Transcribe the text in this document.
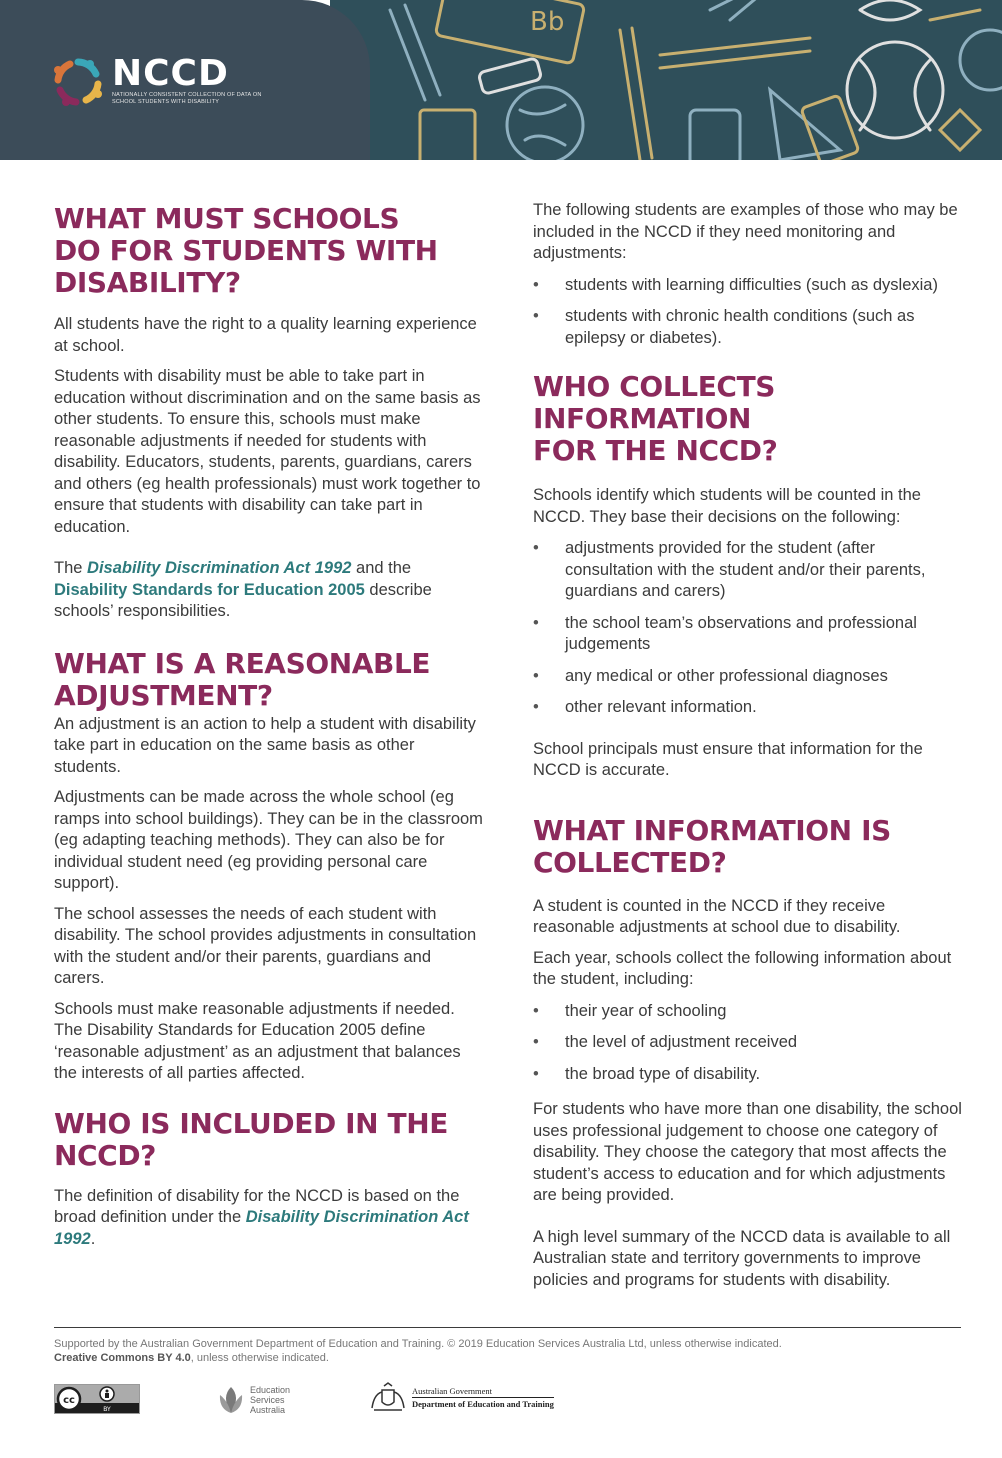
Bb
NCCD
NATIONALLY CONSISTENT COLLECTION OF DATA ON SCHOOL STUDENTS WITH DISABILITY
WHAT MUST SCHOOLS
DO FOR STUDENTS WITH
DISABILITY?

All students have the right to a quality learning experience at school.

Students with disability must be able to take part in education without discrimination and on the same basis as other students. To ensure this, schools must make reasonable adjustments if needed for students with disability. Educators, students, parents, guardians, carers and others (eg health professionals) must work together to ensure that students with disability can take part in education.

The Disability Discrimination Act 1992 and the Disability Standards for Education 2005 describe schools’ responsibilities.

WHAT IS A REASONABLE
ADJUSTMENT?

An adjustment is an action to help a student with disability take part in education on the same basis as other students.

Adjustments can be made across the whole school (eg ramps into school buildings). They can be in the classroom (eg adapting teaching methods). They can also be for individual student need (eg providing personal care support).

The school assesses the needs of each student with disability. The school provides adjustments in consultation with the student and/or their parents, guardians and carers.

Schools must make reasonable adjustments if needed. The Disability Standards for Education 2005 define ‘reasonable adjustment’ as an adjustment that balances the interests of all parties affected.

WHO IS INCLUDED IN THE
NCCD?

The definition of disability for the NCCD is based on the broad definition under the Disability Discrimination Act 1992.

The following students are examples of those who may be included in the NCCD if they need monitoring and adjustments:

• students with learning difficulties (such as dyslexia)
• students with chronic health conditions (such as epilepsy or diabetes).
WHO COLLECTS INFORMATION
FOR THE NCCD?

Schools identify which students will be counted in the NCCD. They base their decisions on the following:

• adjustments provided for the student (after consultation with the student and/or their parents, guardians and carers)
• the school team’s observations and professional judgements
• any medical or other professional diagnoses
• other relevant information.

School principals must ensure that information for the NCCD is accurate.

WHAT INFORMATION IS
COLLECTED?

A student is counted in the NCCD if they receive reasonable adjustments at school due to disability.

Each year, schools collect the following information about the student, including:

• their year of schooling
• the level of adjustment received
• the broad type of disability.

For students who have more than one disability, the school uses professional judgement to choose one category of disability. They choose the category that most affects the student’s access to education and for which adjustments are being provided.

A high level summary of the NCCD data is available to all Australian state and territory governments to improve policies and programs for students with disability.

Supported by the Australian Government Department of Education and Training. © 2019 Education Services Australia Ltd, unless otherwise indicated.
Creative Commons BY 4.0, unless otherwise indicated.
cc
BY
Education
Services
Australia
Australian Government
Department of Education and Training
